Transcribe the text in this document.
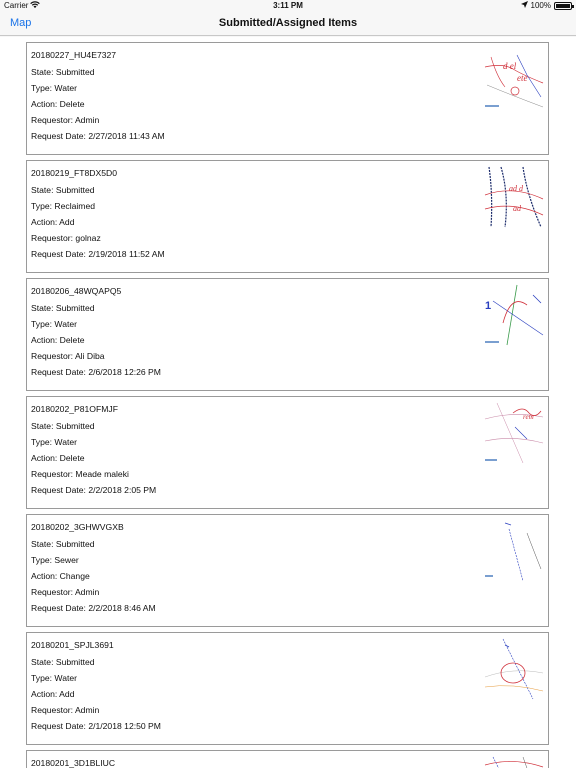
Carrier	3:11 PM	100%
Map	Submitted/Assigned Items
20180227_HU4E7327
State: Submitted
Type: Water
Action: Delete
Requestor: Admin
Request Date: 2/27/2018 11:43 AM
d el
ete
20180219_FT8DX5D0
State: Submitted
Type: Reclaimed
Action: Add
Requestor: golnaz
Request Date: 2/19/2018 11:52 AM
ad d
ad
20180206_48WQAPQ5
State: Submitted
Type: Water
Action: Delete
Requestor: Ali Diba
Request Date: 2/6/2018 12:26 PM
1
20180202_P81OFMJF
State: Submitted
Type: Water
Action: Delete
Requestor: Meade maleki
Request Date: 2/2/2018 2:05 PM
rem
20180202_3GHWVGXB
State: Submitted
Type: Sewer
Action: Change
Requestor: Admin
Request Date: 2/2/2018 8:46 AM
20180201_SPJL3691
State: Submitted
Type: Water
Action: Add
Requestor: Admin
Request Date: 2/1/2018 12:50 PM
20180201_3D1BLIUC
